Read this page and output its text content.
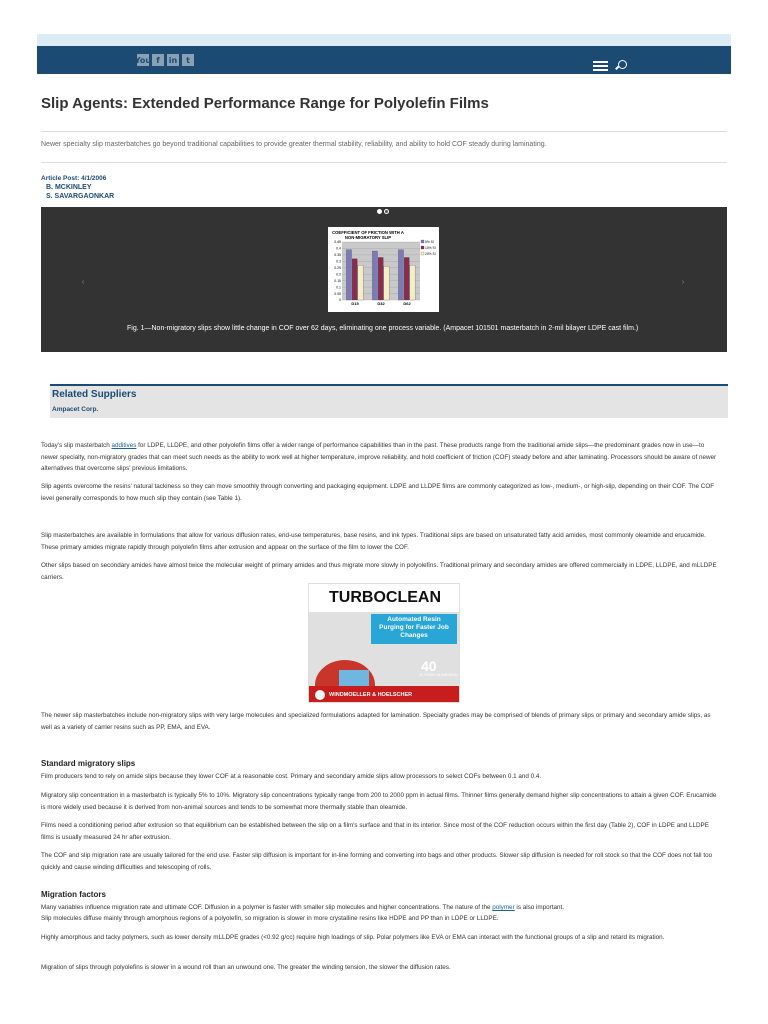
You f	in	t
Slip Agents: Extended Performance Range for Polyolefin Films
Newer specialty slip masterbatches go beyond traditional capabilities to provide greater thermal stability, reliability, and ability to hold COF steady during laminating.
Article Post: 4/1/2006
B. MCKINLEY
S. SAVARGAONKAR
‹	›
COEFFICIENT OF FRICTION WITH A
NON-MIGRATORY SLIP
0.45
0.4
0.35
0.3
0.25
0.2
0.15
0.1
0.05
0
D15	D32	D62
5% SI
10% SI
20% SI
Fig. 1—Non-migratory slips show little change in COF over 62 days, eliminating one process variable. (Ampacet 101501 masterbatch in 2-mil bilayer LDPE cast film.)
Related Suppliers
Ampacet Corp.

Today's slip masterbatch additives for LDPE, LLDPE, and other polyolefin films offer a wider range of performance capabilities than in the past. These products range from the traditional amide slips—the predominant grades now in use—to newer specialty, non-migratory grades that can meet such needs as the ability to work well at higher temperature, improve reliability, and hold coefficient of friction (COF) steady before and after laminating. Processors should be aware of newer alternatives that overcome slips' previous limitations.

Slip agents overcome the resins' natural tackiness so they can move smoothly through converting and packaging equipment. LDPE and LLDPE films are commonly categorized as low-, medium-, or high-slip, depending on their COF. The COF level generally corresponds to how much slip they contain (see Table 1).

Slip masterbatches are available in formulations that allow for various diffusion rates, end-use temperatures, base resins, and ink types. Traditional slips are based on unsaturated fatty acid amides, most commonly oleamide and erucamide. These primary amides migrate rapidly through polyolefin films after extrusion and appear on the surface of the film to lower the COF.

Other slips based on secondary amides have almost twice the molecular weight of primary amides and thus migrate more slowly in polyolefins. Traditional primary and secondary amides are offered commercially in LDPE, LLDPE, and mLLDPE carriers.

TURBOCLEAN
Automated Resin Purging for Faster Job Changes
40
40 YEARS IN AMERICA
WINDMOELLER & HOELSCHER

The newer slip masterbatches include non-migratory slips with very large molecules and specialized formulations adapted for lamination. Specialty grades may be comprised of blends of primary slips or primary and secondary amide slips, as well as a variety of carrier resins such as PP, EMA, and EVA.

Standard migratory slips

Film producers tend to rely on amide slips because they lower COF at a reasonable cost. Primary and secondary amide slips allow processors to select COFs between 0.1 and 0.4.

Migratory slip concentration in a masterbatch is typically 5% to 10%. Migratory slip concentrations typically range from 200 to 2000 ppm in actual films. Thinner films generally demand higher slip concentrations to attain a given COF. Erucamide is more widely used because it is derived from non-animal sources and tends to be somewhat more thermally stable than oleamide.

Films need a conditioning period after extrusion so that equilibrium can be established between the slip on a film's surface and that in its interior. Since most of the COF reduction occurs within the first day (Table 2), COF in LDPE and LLDPE films is usually measured 24 hr after extrusion.

The COF and slip migration rate are usually tailored for the end use. Faster slip diffusion is important for in-line forming and converting into bags and other products. Slower slip diffusion is needed for roll stock so that the COF does not fall too quickly and cause winding difficulties and telescoping of rolls.

Migration factors

Many variables influence migration rate and ultimate COF. Diffusion in a polymer is faster with smaller slip molecules and higher concentrations. The nature of the polymer is also important.

Slip molecules diffuse mainly through amorphous regions of a polyolefin, so migration is slower in more crystalline resins like HDPE and PP than in LDPE or LLDPE.

Highly amorphous and tacky polymers, such as lower density mLLDPE grades (<0.92 g/cc) require high loadings of slip. Polar polymers like EVA or EMA can interact with the functional groups of a slip and retard its migration.

Migration of slips through polyolefins is slower in a wound roll than an unwound one. The greater the winding tension, the slower the diffusion rates.
